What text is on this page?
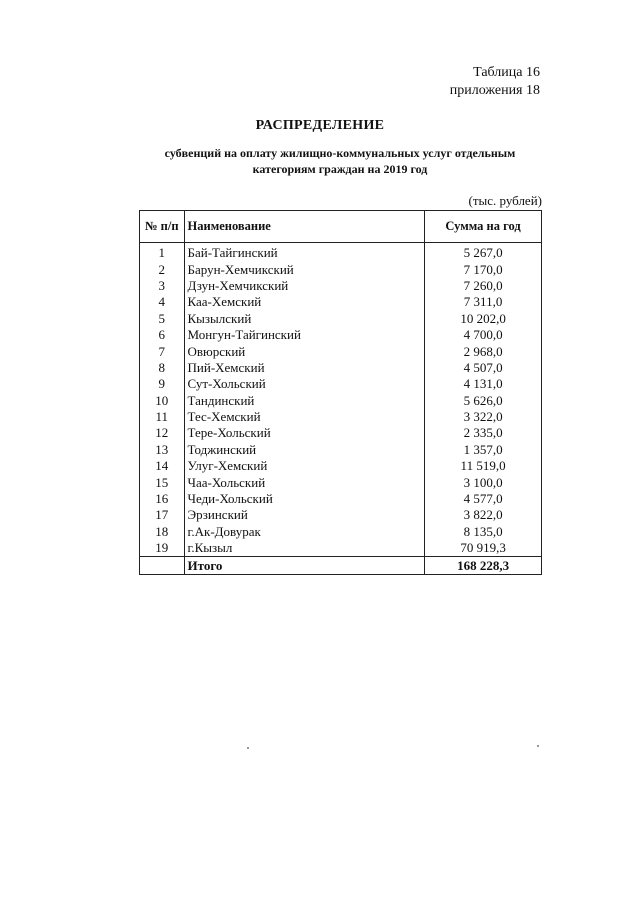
Таблица 16
приложения 18
РАСПРЕДЕЛЕНИЕ
субвенций на оплату жилищно-коммунальных услуг отдельным
категориям граждан на 2019 год
(тыс. рублей)
№ п/п	Наименование	Сумма на год
1	Бай-Тайгинский	5 267,0
2	Барун-Хемчикский	7 170,0
3	Дзун-Хемчикский	7 260,0
4	Каа-Хемский	7 311,0
5	Кызылский	10 202,0
6	Монгун-Тайгинский	4 700,0
7	Овюрский	2 968,0
8	Пий-Хемский	4 507,0
9	Сут-Хольский	4 131,0
10	Тандинский	5 626,0
11	Тес-Хемский	3 322,0
12	Тере-Хольский	2 335,0
13	Тоджинский	1 357,0
14	Улуг-Хемский	11 519,0
15	Чаа-Хольский	3 100,0
16	Чеди-Хольский	4 577,0
17	Эрзинский	3 822,0
18	г.Ак-Довурак	8 135,0
19	г.Кызыл	70 919,3
	Итого	168 228,3
